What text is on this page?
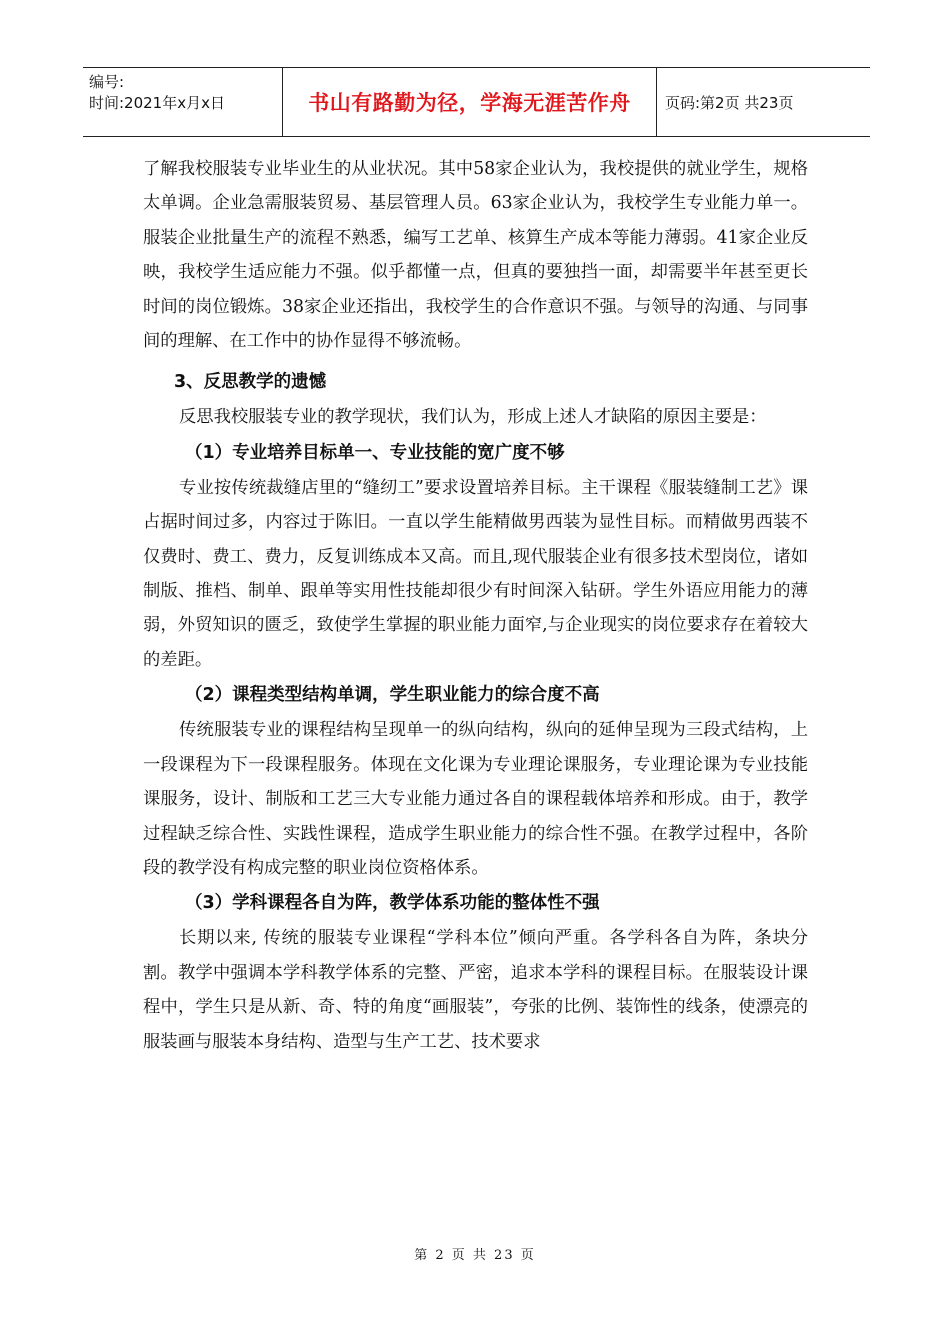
编号:
时间:2021年x月x日	书山有路勤为径，学海无涯苦作舟	页码:第2页 共23页

了解我校服装专业毕业生的从业状况。其中58家企业认为，我校提供的就业学生，规格太单调。企业急需服装贸易、基层管理人员。63家企业认为，我校学生专业能力单一。服装企业批量生产的流程不熟悉，编写工艺单、核算生产成本等能力薄弱。41家企业反映，我校学生适应能力不强。似乎都懂一点，但真的要独挡一面，却需要半年甚至更长时间的岗位锻炼。38家企业还指出，我校学生的合作意识不强。与领导的沟通、与同事间的理解、在工作中的协作显得不够流畅。

3、反思教学的遗憾

反思我校服装专业的教学现状，我们认为，形成上述人才缺陷的原因主要是：

（1）专业培养目标单一、专业技能的宽广度不够

专业按传统裁缝店里的“缝纫工”要求设置培养目标。主干课程《服装缝制工艺》课占据时间过多，内容过于陈旧。一直以学生能精做男西装为显性目标。而精做男西装不仅费时、费工、费力，反复训练成本又高。而且,现代服装企业有很多技术型岗位，诸如制版、推档、制单、跟单等实用性技能却很少有时间深入钻研。学生外语应用能力的薄弱，外贸知识的匮乏，致使学生掌握的职业能力面窄,与企业现实的岗位要求存在着较大的差距。

（2）课程类型结构单调，学生职业能力的综合度不高

传统服装专业的课程结构呈现单一的纵向结构，纵向的延伸呈现为三段式结构，上一段课程为下一段课程服务。体现在文化课为专业理论课服务，专业理论课为专业技能课服务，设计、制版和工艺三大专业能力通过各自的课程载体培养和形成。由于，教学过程缺乏综合性、实践性课程，造成学生职业能力的综合性不强。在教学过程中，各阶段的教学没有构成完整的职业岗位资格体系。

（3）学科课程各自为阵，教学体系功能的整体性不强

长期以来, 传统的服装专业课程“学科本位”倾向严重。各学科各自为阵，条块分割。教学中强调本学科教学体系的完整、严密，追求本学科的课程目标。在服装设计课程中，学生只是从新、奇、特的角度“画服装”，夸张的比例、装饰性的线条，使漂亮的服装画与服装本身结构、造型与生产工艺、技术要求

第 2 页 共 23 页
